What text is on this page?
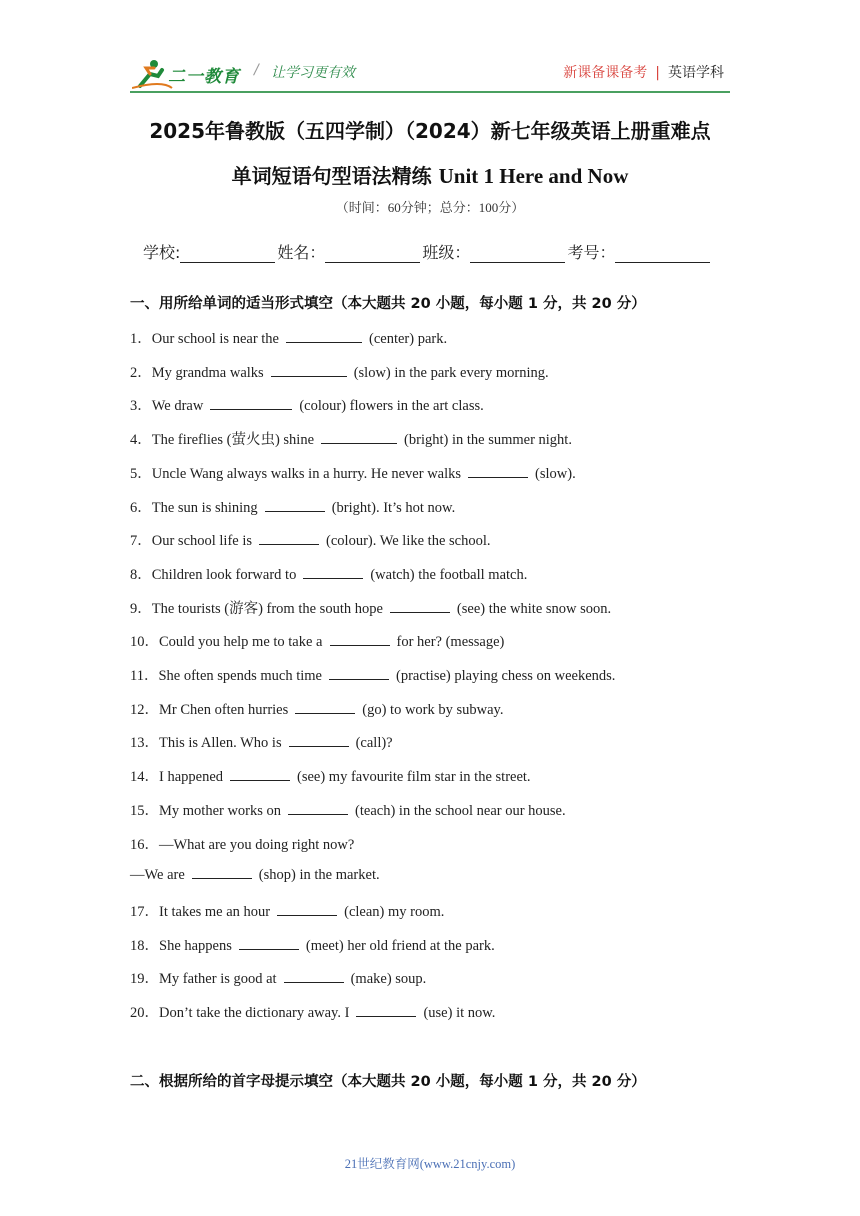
二一教育 / 让学习更有效	新课备课备考 | 英语学科
2025年鲁教版（五四学制）（2024）新七年级英语上册重难点
单词短语句型语法精练 Unit 1 Here and Now
（时间：60分钟；总分：100分）
学校:	姓名：	班级：	考号：
一、用所给单词的适当形式填空（本大题共 20 小题，每小题 1 分，共 20 分）
1．Our school is near the	(center) park.
2．My grandma walks	(slow) in the park every morning.
3．We draw	(colour) flowers in the art class.
4．The fireflies (萤火虫) shine	(bright) in the summer night.
5．Uncle Wang always walks in a hurry. He never walks	(slow).
6．The sun is shining	(bright). It’s hot now.
7．Our school life is	(colour). We like the school.
8．Children look forward to	(watch) the football match.
9．The tourists (游客) from the south hope	(see) the white snow soon.
10．Could you help me to take a	for her? (message)
11．She often spends much time	(practise) playing chess on weekends.
12．Mr Chen often hurries	(go) to work by subway.
13．This is Allen. Who is	(call)?
14．I happened	(see) my favourite film star in the street.
15．My mother works on	(teach) in the school near our house.
16．—What are you doing right now?
—We are	(shop) in the market.
17．It takes me an hour	(clean) my room.
18．She happens	(meet) her old friend at the park.
19．My father is good at	(make) soup.
20．Don’t take the dictionary away. I	(use) it now.
二、根据所给的首字母提示填空（本大题共 20 小题，每小题 1 分，共 20 分）
21世纪教育网(www.21cnjy.com)
